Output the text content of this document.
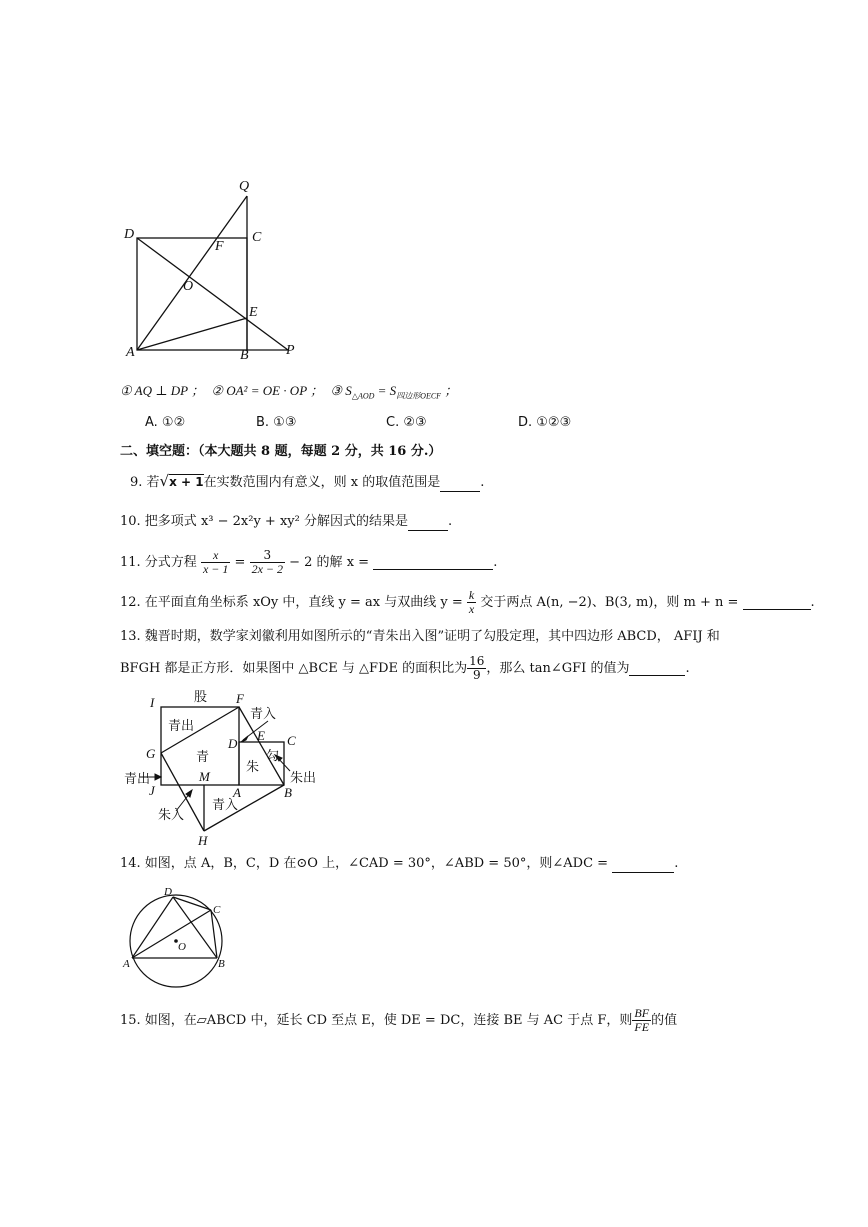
Q
D	C
F
O
E
A	B	P
① AQ ⊥ DP ； ② OA² = OE · OP ； ③ $S_{\triangle AOD} = S_{四边形OECF}$ ；
A. ①②	B. ①③	C. ②③	D. ①②③
二、填空题：（本大题共 8 题，每题 2 分，共 16 分.）
9. 若√x + 1在实数范围内有意义，则 x 的取值范围是	.
10. 把多项式 x³ − 2x²y + xy² 分解因式的结果是	.
11. 分式方程 $\frac{x}{x - 1} = \frac{3}{2x - 2} - 2$ 的解 x =	.
12. 在平面直角坐标系 xOy 中，直线 y = ax 与双曲线 $y = \frac{k}{x}$ 交于两点 A(n, −2)、B(3, m)，则 m + n =	.
13. 魏晋时期，数学家刘徽利用如图所示的“青朱出入图”证明了勾股定理，其中四边形 ABCD， AFIJ 和
BFGH 都是正方形．如果图中 △BCE 与 △FDE 的面积比为 $\frac{16}{9}$ ，那么 tan∠GFI 的值为	.
I	F
G
D
E C
J
M
A	B
H
股
青出
青
朱
勾
青入
朱出
青出
朱入
青入
14. 如图，点 A，B，C，D 在⊙O 上，∠CAD = 30°，∠ABD = 50°，则∠ADC =	.
D
C
O
A	B
15. 如图，在▱ABCD 中，延长 CD 至点 E，使 DE = DC，连接 BE 与 AC 于点 F，则 $\frac{BF}{FE}$ 的值
